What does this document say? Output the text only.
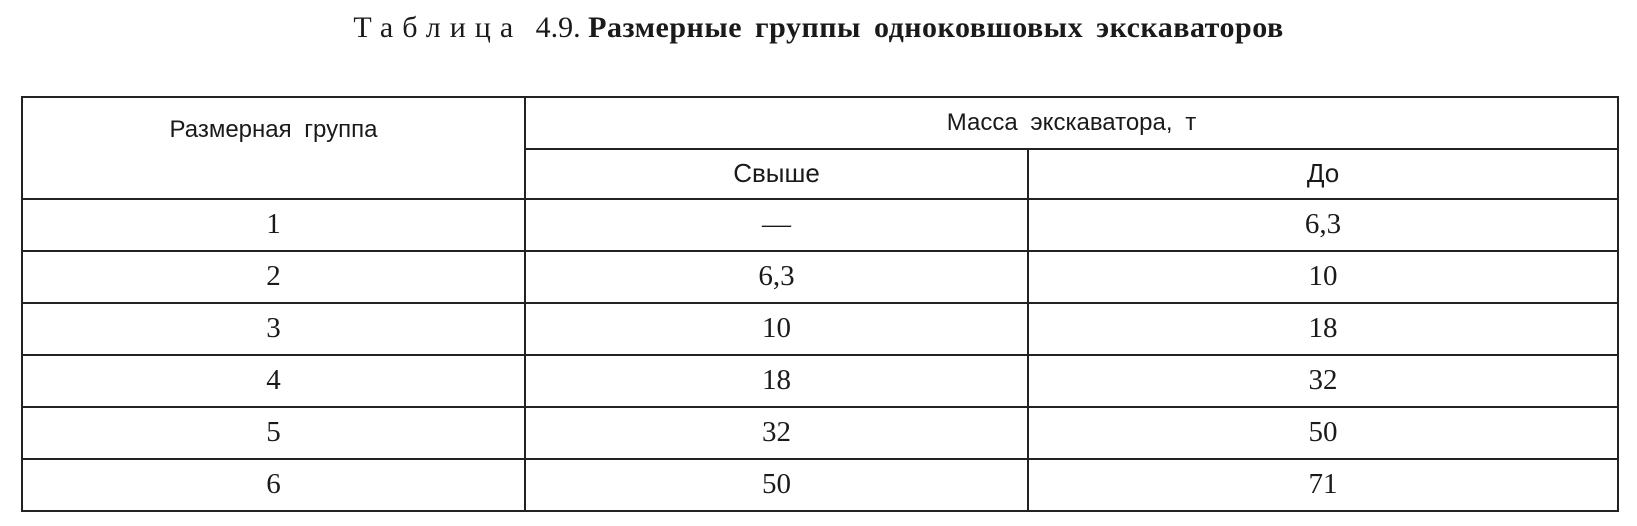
Таблица 4.9. Размерные группы одноковшовых экскаваторов
Размерная группа	Масса экскаватора, т	
	Свыше	До
1	—	6,3
2	6,3	10
3	10	18
4	18	32
5	32	50
6	50	71
